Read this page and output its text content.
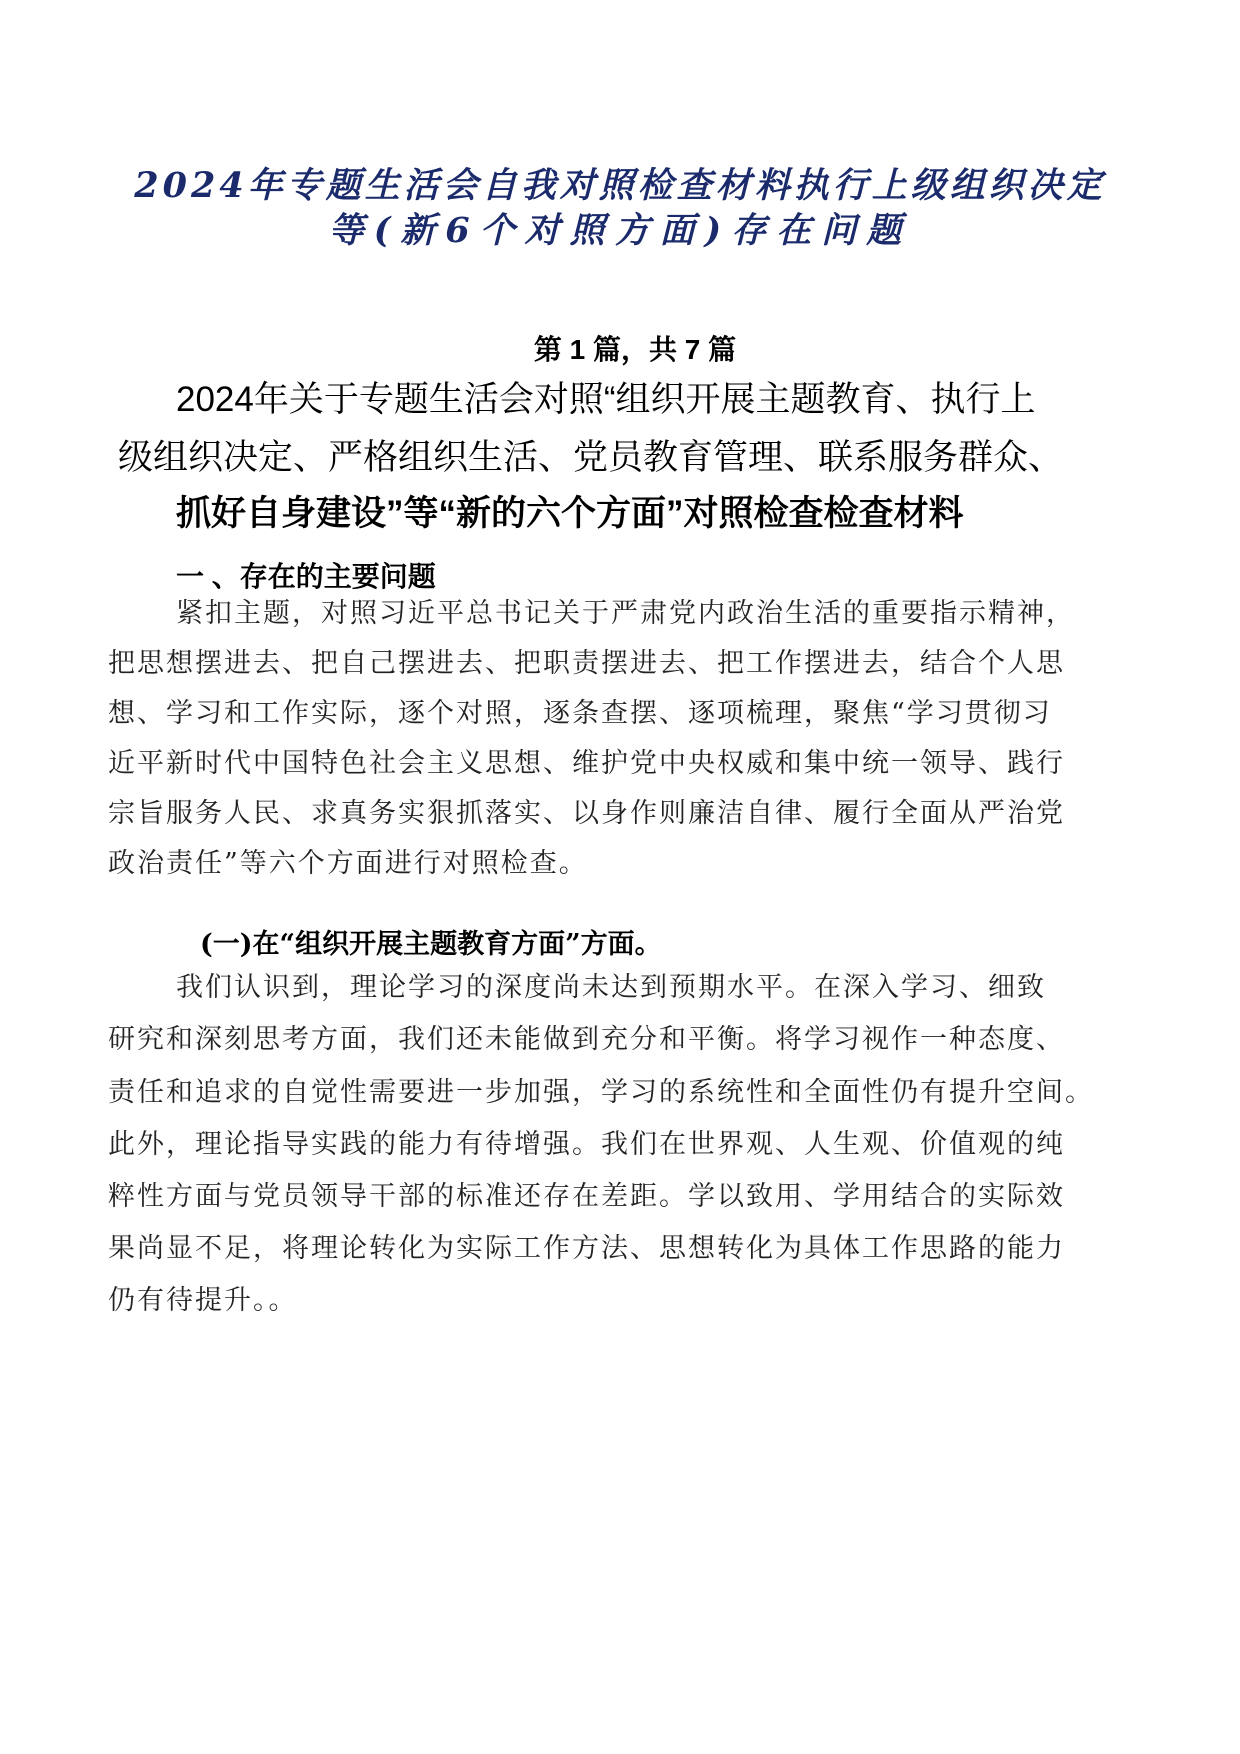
2024年专题生活会自我对照检查材料执行上级组织决定
等(新6个对照方面)存在问题

第 1 篇，共 7 篇

2024年关于专题生活会对照“组织开展主题教育、执行上

级组织决定、严格组织生活、党员教育管理、联系服务群众、

抓好自身建设”等“新的六个方面”对照检查检查材料

一 、存在的主要问题

紧扣主题，对照习近平总书记关于严肃党内政治生活的重要指示精神，

把思想摆进去、把自己摆进去、把职责摆进去、把工作摆进去，结合个人思

想、学习和工作实际，逐个对照，逐条查摆、逐项梳理，聚焦“学习贯彻习

近平新时代中国特色社会主义思想、维护党中央权威和集中统一领导、践行

宗旨服务人民、求真务实狠抓落实、以身作则廉洁自律、履行全面从严治党

政治责任”等六个方面进行对照检查。

(一)在“组织开展主题教育方面”方面。

我们认识到，理论学习的深度尚未达到预期水平。在深入学习、细致

研究和深刻思考方面，我们还未能做到充分和平衡。将学习视作一种态度、

责任和追求的自觉性需要进一步加强，学习的系统性和全面性仍有提升空间。

此外，理论指导实践的能力有待增强。我们在世界观、人生观、价值观的纯

粹性方面与党员领导干部的标准还存在差距。学以致用、学用结合的实际效

果尚显不足，将理论转化为实际工作方法、思想转化为具体工作思路的能力

仍有待提升。。
